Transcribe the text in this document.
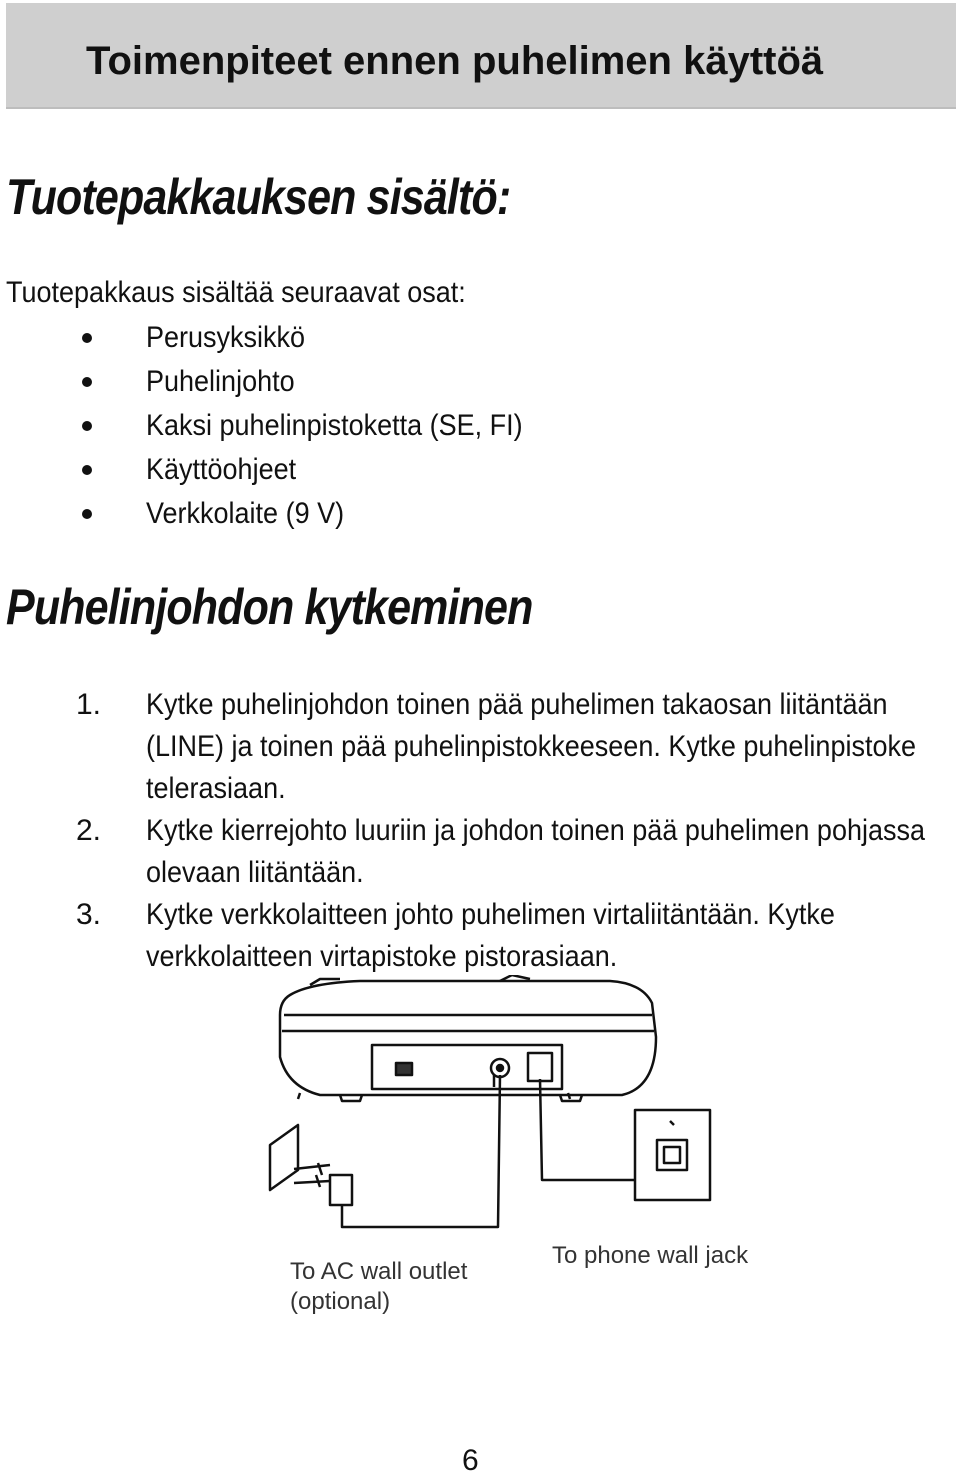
Toimenpiteet ennen puhelimen käyttöä
Tuotepakkauksen sisältö:
Tuotepakkaus sisältää seuraavat osat:
Perusyksikkö
Puhelinjohto
Kaksi puhelinpistoketta (SE, FI)
Käyttöohjeet
Verkkolaite (9 V)
Puhelinjohdon kytkeminen
1. Kytke puhelinjohdon toinen pää puhelimen takaosan liitäntään (LINE) ja toinen pää puhelinpistokkeeseen. Kytke puhelinpistoke telerasiaan.
2. Kytke kierrejohto luuriin ja johdon toinen pää puhelimen pohjassa olevaan liitäntään.
3. Kytke verkkolaitteen johto puhelimen virtaliitäntään. Kytke verkkolaitteen virtapistoke pistorasiaan.
To AC wall outlet
(optional)
To phone wall jack
6
